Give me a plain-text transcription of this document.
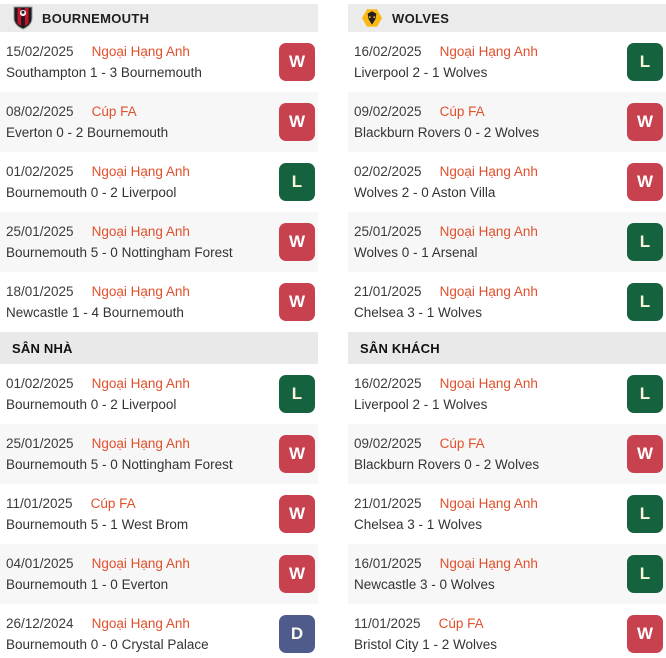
BOURNEMOUTH
15/02/2025 Ngoại Hạng Anh
Southampton 1 - 3 Bournemouth
W
08/02/2025 Cúp FA
Everton 0 - 2 Bournemouth
W
01/02/2025 Ngoại Hạng Anh
Bournemouth 0 - 2 Liverpool
L
25/01/2025 Ngoại Hạng Anh
Bournemouth 5 - 0 Nottingham Forest
W
18/01/2025 Ngoại Hạng Anh
Newcastle 1 - 4 Bournemouth
W
SÂN NHÀ
01/02/2025 Ngoại Hạng Anh
Bournemouth 0 - 2 Liverpool
L
25/01/2025 Ngoại Hạng Anh
Bournemouth 5 - 0 Nottingham Forest
W
11/01/2025 Cúp FA
Bournemouth 5 - 1 West Brom
W
04/01/2025 Ngoại Hạng Anh
Bournemouth 1 - 0 Everton
W
26/12/2024 Ngoại Hạng Anh
Bournemouth 0 - 0 Crystal Palace
D
WOLVES
16/02/2025 Ngoại Hạng Anh
Liverpool 2 - 1 Wolves
L
09/02/2025 Cúp FA
Blackburn Rovers 0 - 2 Wolves
W
02/02/2025 Ngoại Hạng Anh
Wolves 2 - 0 Aston Villa
W
25/01/2025 Ngoại Hạng Anh
Wolves 0 - 1 Arsenal
L
21/01/2025 Ngoại Hạng Anh
Chelsea 3 - 1 Wolves
L
SÂN KHÁCH
16/02/2025 Ngoại Hạng Anh
Liverpool 2 - 1 Wolves
L
09/02/2025 Cúp FA
Blackburn Rovers 0 - 2 Wolves
W
21/01/2025 Ngoại Hạng Anh
Chelsea 3 - 1 Wolves
L
16/01/2025 Ngoại Hạng Anh
Newcastle 3 - 0 Wolves
L
11/01/2025 Cúp FA
Bristol City 1 - 2 Wolves
W
